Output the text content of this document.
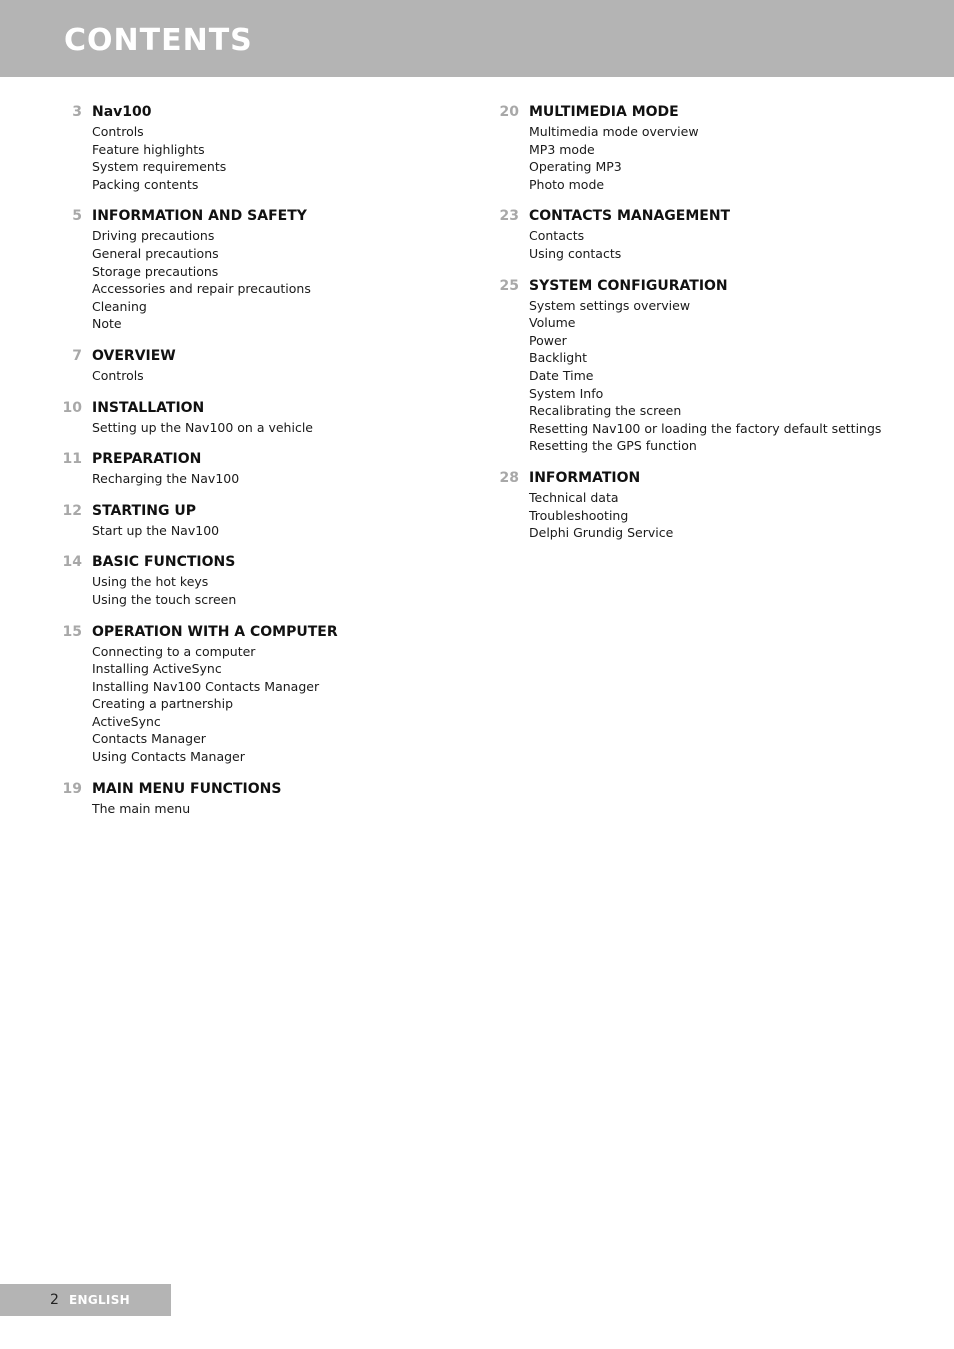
CONTENTS
3 Nav100
Controls
Feature highlights
System requirements
Packing contents
5 INFORMATION AND SAFETY
Driving precautions
General precautions
Storage precautions
Accessories and repair precautions
Cleaning
Note
7 OVERVIEW
Controls
10 INSTALLATION
Setting up the Nav100 on a vehicle
11 PREPARATION
Recharging the Nav100
12 STARTING UP
Start up the Nav100
14 BASIC FUNCTIONS
Using the hot keys
Using the touch screen
15 OPERATION WITH A COMPUTER
Connecting to a computer
Installing ActiveSync
Installing Nav100 Contacts Manager
Creating a partnership
ActiveSync
Contacts Manager
Using Contacts Manager
19 MAIN MENU FUNCTIONS
The main menu
20 MULTIMEDIA MODE
Multimedia mode overview
MP3 mode
Operating MP3
Photo mode
23 CONTACTS MANAGEMENT
Contacts
Using contacts
25 SYSTEM CONFIGURATION
System settings overview
Volume
Power
Backlight
Date Time
System Info
Recalibrating the screen
Resetting Nav100 or loading the factory default settings
Resetting the GPS function
28 INFORMATION
Technical data
Troubleshooting
Delphi Grundig Service
2 ENGLISH
